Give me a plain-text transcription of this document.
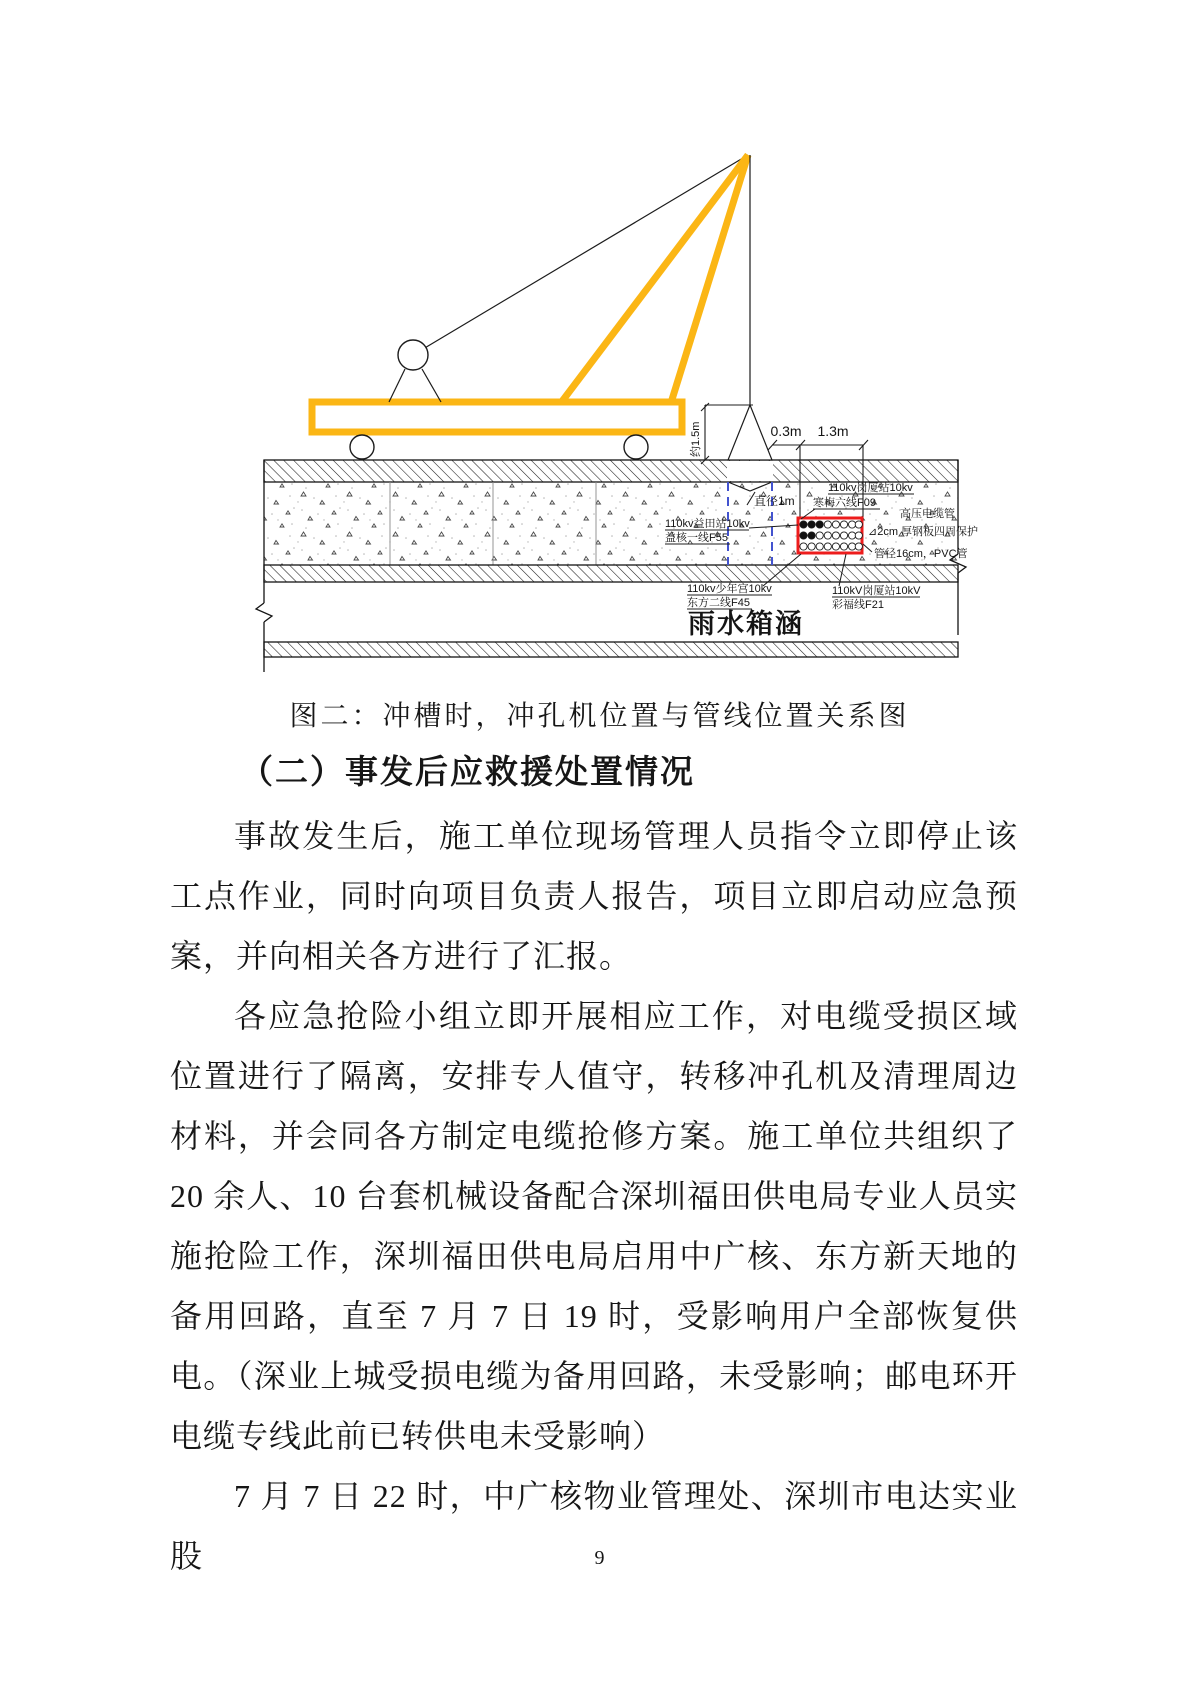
约1.5m	0.3m 1.3m
直径1m
110kv益田站10kv
益核一线F55
110kv岗厦站10kv
寒梅六线F09
110kv少年宫10kv
东方二线F45
110kV岗厦站10kV
彩福线F21
高压电缆管
⊿2cm 厚钢板四周保护
管径16cm，PVC管
雨水箱涵
图二：冲槽时，冲孔机位置与管线位置关系图
（二）事发后应救援处置情况

事故发生后，施工单位现场管理人员指令立即停止该工点作业，同时向项目负责人报告，项目立即启动应急预案，并向相关各方进行了汇报。

各应急抢险小组立即开展相应工作，对电缆受损区域位置进行了隔离，安排专人值守，转移冲孔机及清理周边材料，并会同各方制定电缆抢修方案。施工单位共组织了 20 余人、10 台套机械设备配合深圳福田供电局专业人员实施抢险工作，深圳福田供电局启用中广核、东方新天地的备用回路，直至 7 月 7 日 19 时，受影响用户全部恢复供电。（深业上城受损电缆为备用回路，未受影响；邮电环开电缆专线此前已转供电未受影响）

7 月 7 日 22 时，中广核物业管理处、深圳市电达实业股	9
